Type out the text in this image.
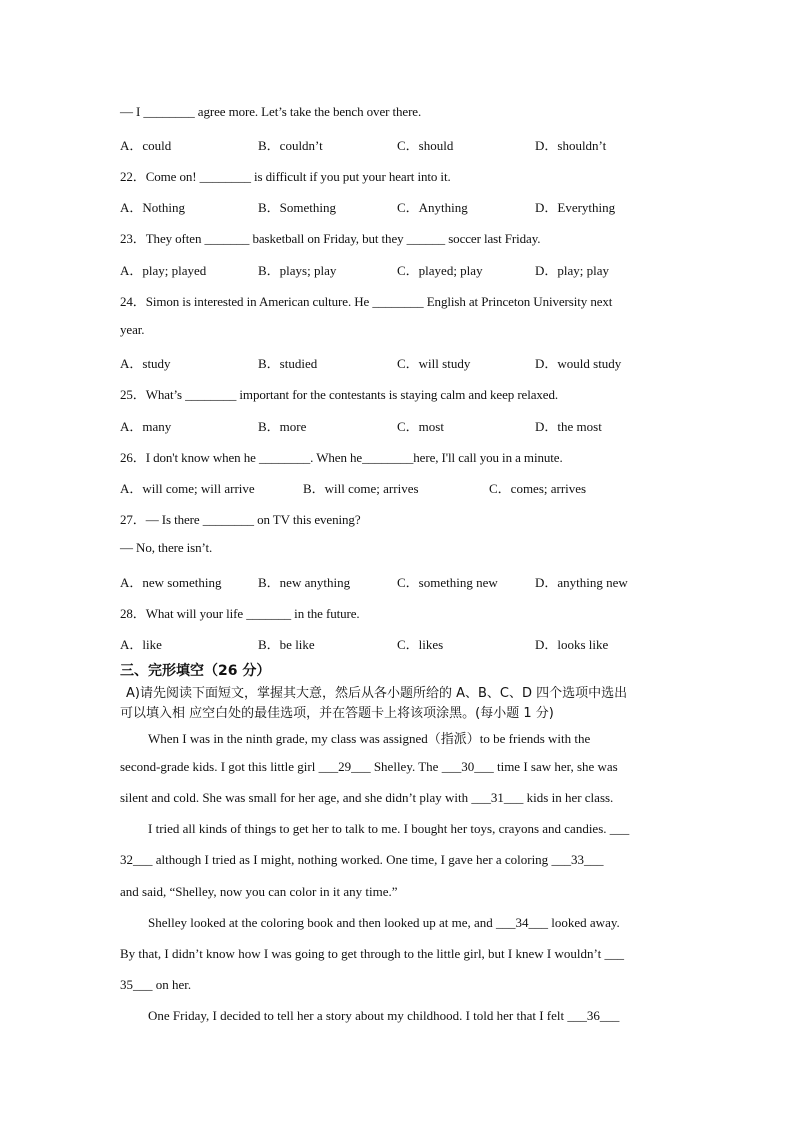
— I ________ agree more. Let’s take the bench over there.
A．could	B．couldn’t	C．should	D．shouldn’t
22．Come on! ________ is difficult if you put your heart into it.
A．Nothing	B．Something	C．Anything	D．Everything
23．They often _______ basketball on Friday, but they ______ soccer last Friday.
A．play; played	B．plays; play	C．played; play	D．play; play
24．Simon is interested in American culture. He ________ English at Princeton University next
year.
A．study	B．studied	C．will study	D．would study
25．What’s ________ important for the contestants is staying calm and keep relaxed.
A．many	B．more	C．most	D．the most
26．I don't know when he ________. When he________here, I'll call you in a minute.
A．will come; will arrive	B．will come; arrives	C．comes; arrives
27．— Is there ________ on TV this evening?
— No, there isn’t.
A．new something	B．new anything	C．something new	D．anything new
28．What will your life _______ in the future.
A．like	B．be like	C．likes	D．looks like
三、完形填空（26 分）
A)请先阅读下面短文，掌握其大意，然后从各小题所给的 A、B、C、D 四个选项中选出
可以填入相 应空白处的最佳选项，并在答题卡上将该项涂黑。(每小题 1 分)
When I was in the ninth grade, my class was assigned（指派）to be friends with the
second-grade kids. I got this little girl ___29___ Shelley. The ___30___ time I saw her, she was
silent and cold. She was small for her age, and she didn’t play with ___31___ kids in her class.
I tried all kinds of things to get her to talk to me. I bought her toys, crayons and candies. ___
32___ although I tried as I might, nothing worked. One time, I gave her a coloring ___33___
and said, “Shelley, now you can color in it any time.”
Shelley looked at the coloring book and then looked up at me, and ___34___ looked away.
By that, I didn’t know how I was going to get through to the little girl, but I knew I wouldn’t ___
35___ on her.
One Friday, I decided to tell her a story about my childhood. I told her that I felt ___36___
